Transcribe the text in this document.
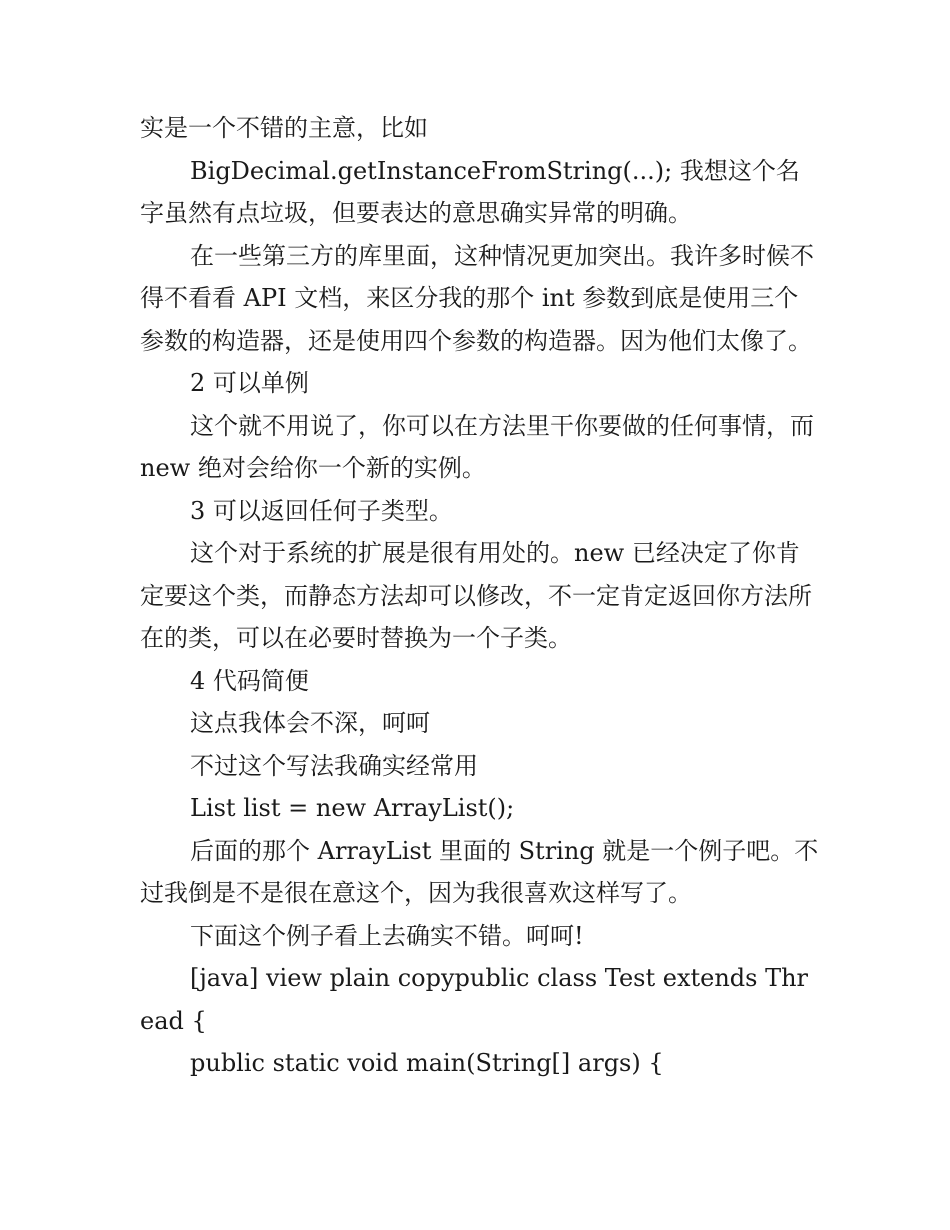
实是一个不错的主意，比如

BigDecimal.getInstanceFromString(...); 我想这个名字虽然有点垃圾，但要表达的意思确实异常的明确。

在一些第三方的库里面，这种情况更加突出。我许多时候不得不看看 API 文档，来区分我的那个 int 参数到底是使用三个参数的构造器，还是使用四个参数的构造器。因为他们太像了。

2 可以单例

这个就不用说了，你可以在方法里干你要做的任何事情，而 new 绝对会给你一个新的实例。

3 可以返回任何子类型。

这个对于系统的扩展是很有用处的。new 已经决定了你肯定要这个类，而静态方法却可以修改，不一定肯定返回你方法所在的类，可以在必要时替换为一个子类。

4 代码简便

这点我体会不深，呵呵

不过这个写法我确实经常用

List list = new ArrayList();

后面的那个 ArrayList 里面的 String 就是一个例子吧。不过我倒是不是很在意这个，因为我很喜欢这样写了。

下面这个例子看上去确实不错。呵呵!

[java] view plain copypublic class Test extends Thread {

public static void main(String[] args) {
